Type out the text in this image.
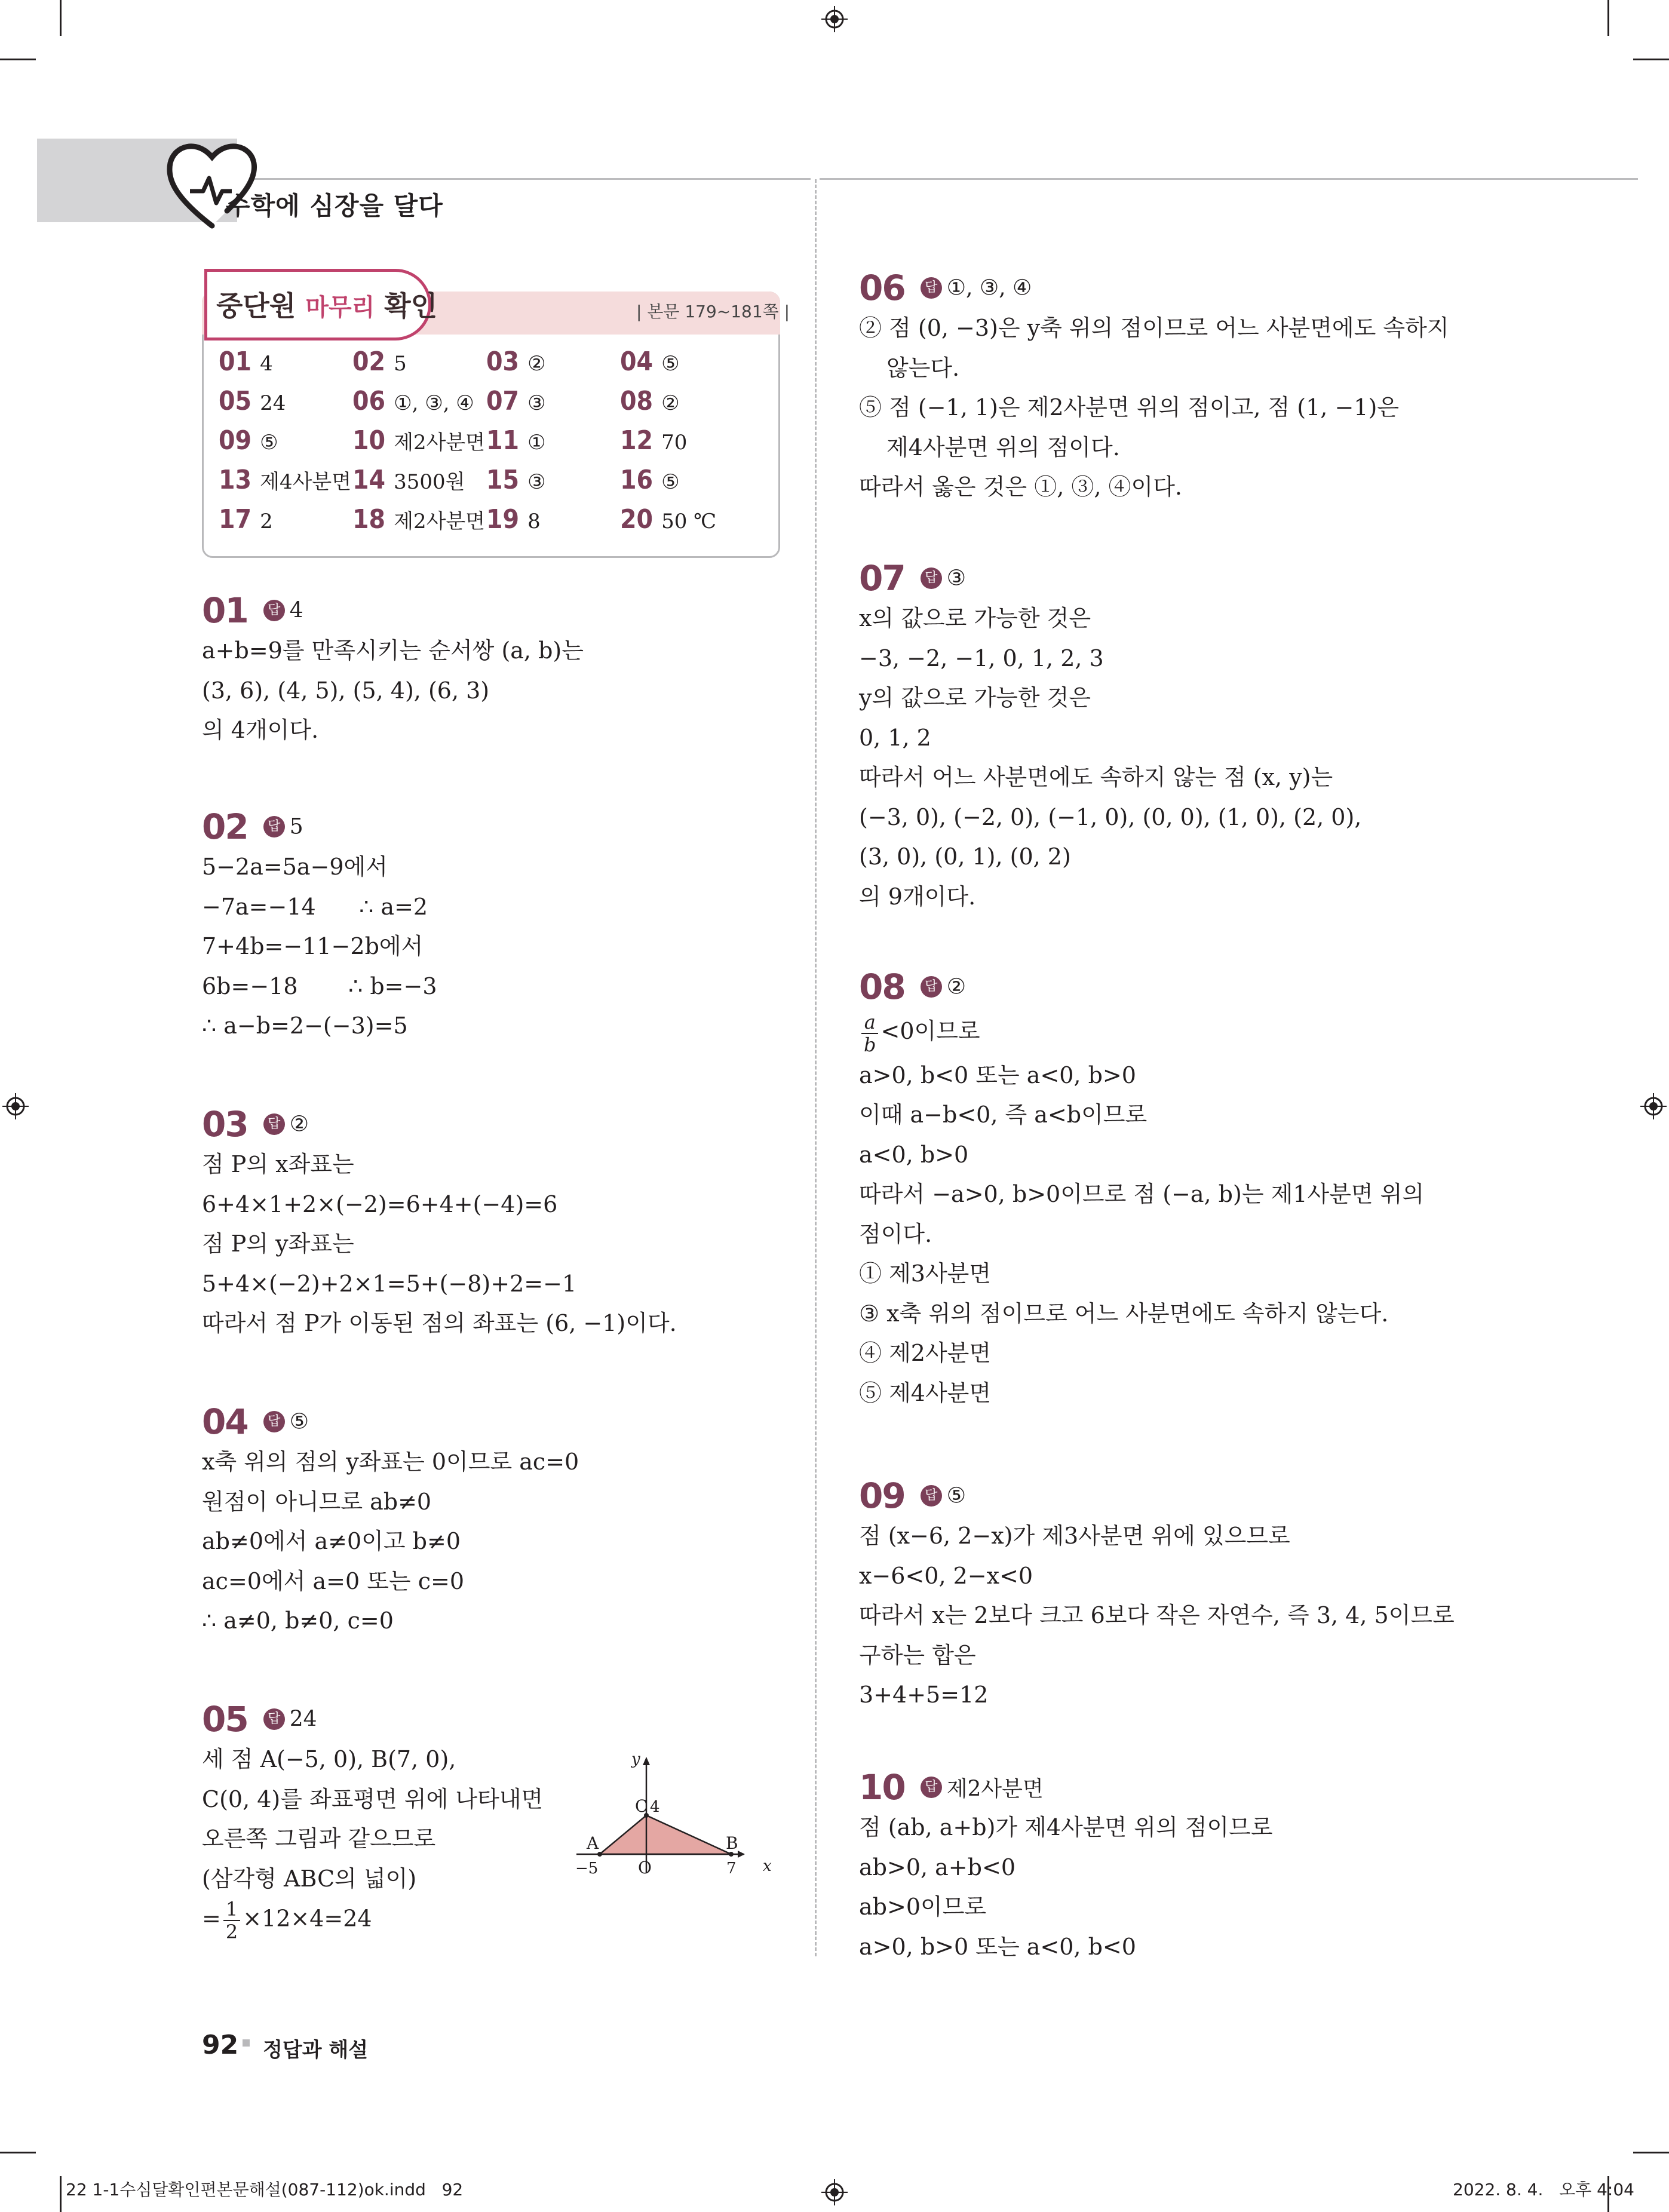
수학에 심장을 달다
중단원 마무리 확인	| 본문 179~181쪽 |
01 4	02 5	03 ②	04 ⑤
05 24	06 ①, ③, ④ 07 ③	08 ②
09 ⑤	10 제2사분면 11 ①	12 70
13 제4사분면 14 3500원 15 ③	16 ⑤
17 2	18 제2사분면 19 8	20 50 ℃
01 답 4
a+b=9를 만족시키는 순서쌍 (a, b)는
(3, 6), (4, 5), (5, 4), (6, 3)
의 4개이다.
02 답 5
5−2a=5a−9에서
−7a=−14      ∴ a=2
7+4b=−11−2b에서
6b=−18       ∴ b=−3
∴ a−b=2−(−3)=5
03 답 ②
점 P의 x좌표는
6+4×1+2×(−2)=6+4+(−4)=6
점 P의 y좌표는
5+4×(−2)+2×1=5+(−8)+2=−1
따라서 점 P가 이동된 점의 좌표는 (6, −1)이다.
04 답 ⑤
x축 위의 점의 y좌표는 0이므로 ac=0
원점이 아니므로 ab≠0
ab≠0에서 a≠0이고 b≠0
ac=0에서 a=0 또는 c=0
∴ a≠0, b≠0, c=0
05 답 24
세 점 A(−5, 0), B(7, 0),
C(0, 4)를 좌표평면 위에 나타내면
오른쪽 그림과 같으므로
(삼각형 ABC의 넓이)
= $\frac{1}{2} \times 12\times 4=24$
y
x
C 4
A	B
−5 O	7
06 답 ①, ③, ④
② 점 (0, −3)은 y축 위의 점이므로 어느 사분면에도 속하지
않는다.
⑤ 점 (−1, 1)은 제2사분면 위의 점이고, 점 (1, −1)은
제4사분면 위의 점이다.
따라서 옳은 것은 ①, ③, ④이다.
07 답 ③
x의 값으로 가능한 것은
−3, −2, −1, 0, 1, 2, 3
y의 값으로 가능한 것은
0, 1, 2
따라서 어느 사분면에도 속하지 않는 점 (x, y)는
(−3, 0), (−2, 0), (−1, 0), (0, 0), (1, 0), (2, 0),
(3, 0), (0, 1), (0, 2)
의 9개이다.
08 답 ②
$\frac{a}{b} <0$이므로
a>0, b<0 또는 a<0, b>0
이때 a−b<0, 즉 a<b이므로
a<0, b>0
따라서 −a>0, b>0이므로 점 (−a, b)는 제1사분면 위의
점이다.
① 제3사분면
③ x축 위의 점이므로 어느 사분면에도 속하지 않는다.
④ 제2사분면
⑤ 제4사분면
09 답 ⑤
점 (x−6, 2−x)가 제3사분면 위에 있으므로
x−6<0, 2−x<0
따라서 x는 2보다 크고 6보다 작은 자연수, 즉 3, 4, 5이므로
구하는 합은
3+4+5=12
10 답 제2사분면
점 (ab, a+b)가 제4사분면 위의 점이므로
ab>0, a+b<0
ab>0이므로
a>0, b>0 또는 a<0, b<0
92 정답과 해설
22 1-1수심달확인편본문해설(087-112)ok.indd   92	2022. 8. 4.   오후 4:04
